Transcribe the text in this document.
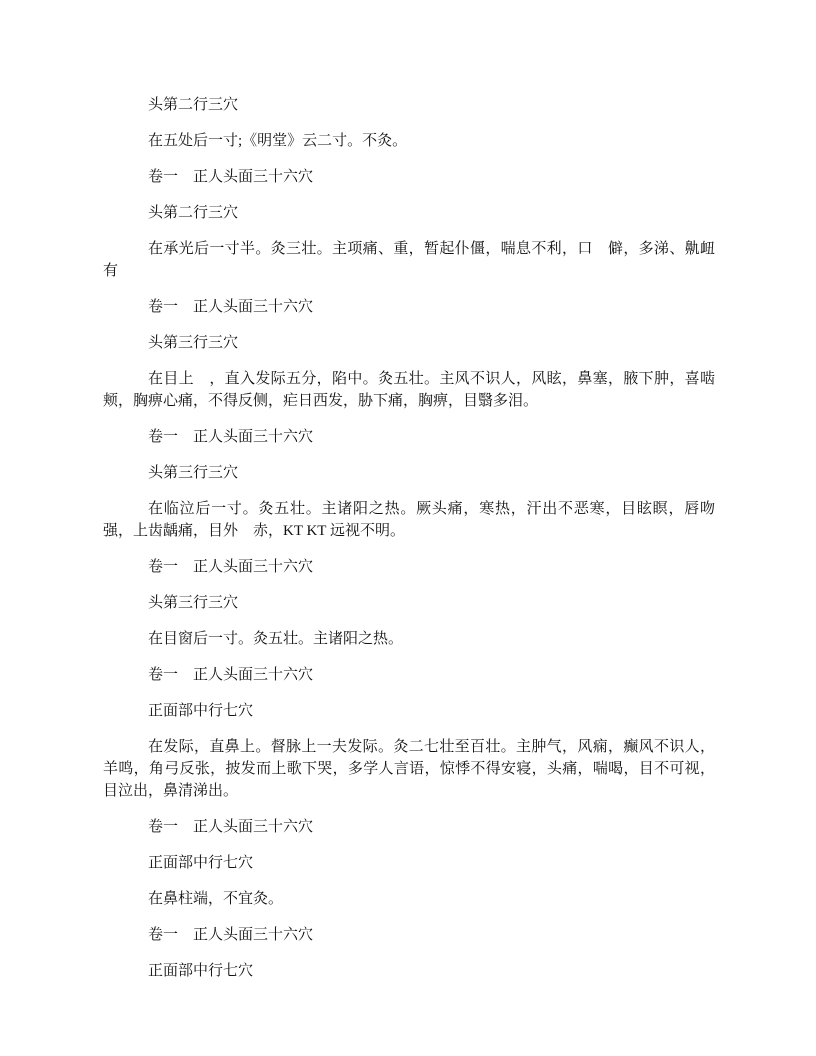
头第二行三穴

在五处后一寸;《明堂》云二寸。不灸。

卷一　正人头面三十六穴

头第二行三穴

在承光后一寸半。灸三壮。主项痛、重，暂起仆僵，喘息不利，口　僻，多涕、鼽衄有

卷一　正人头面三十六穴

头第三行三穴

在目上　，直入发际五分，陷中。灸五壮。主风不识人，风眩，鼻塞，腋下肿，喜啮颊，胸痹心痛，不得反侧，疟日西发，胁下痛，胸痹，目翳多泪。

卷一　正人头面三十六穴

头第三行三穴

在临泣后一寸。灸五壮。主诸阳之热。厥头痛，寒热，汗出不恶寒，目眩瞑，唇吻强，上齿龋痛，目外　赤，KT KT 远视不明。

卷一　正人头面三十六穴

头第三行三穴

在目窗后一寸。灸五壮。主诸阳之热。

卷一　正人头面三十六穴

正面部中行七穴

在发际，直鼻上。督脉上一夫发际。灸二七壮至百壮。主肿气，风痫，癫风不识人，羊鸣，角弓反张，披发而上歌下哭，多学人言语，惊悸不得安寝，头痛，喘喝，目不可视，目泣出，鼻清涕出。

卷一　正人头面三十六穴

正面部中行七穴

在鼻柱端，不宜灸。

卷一　正人头面三十六穴

正面部中行七穴
